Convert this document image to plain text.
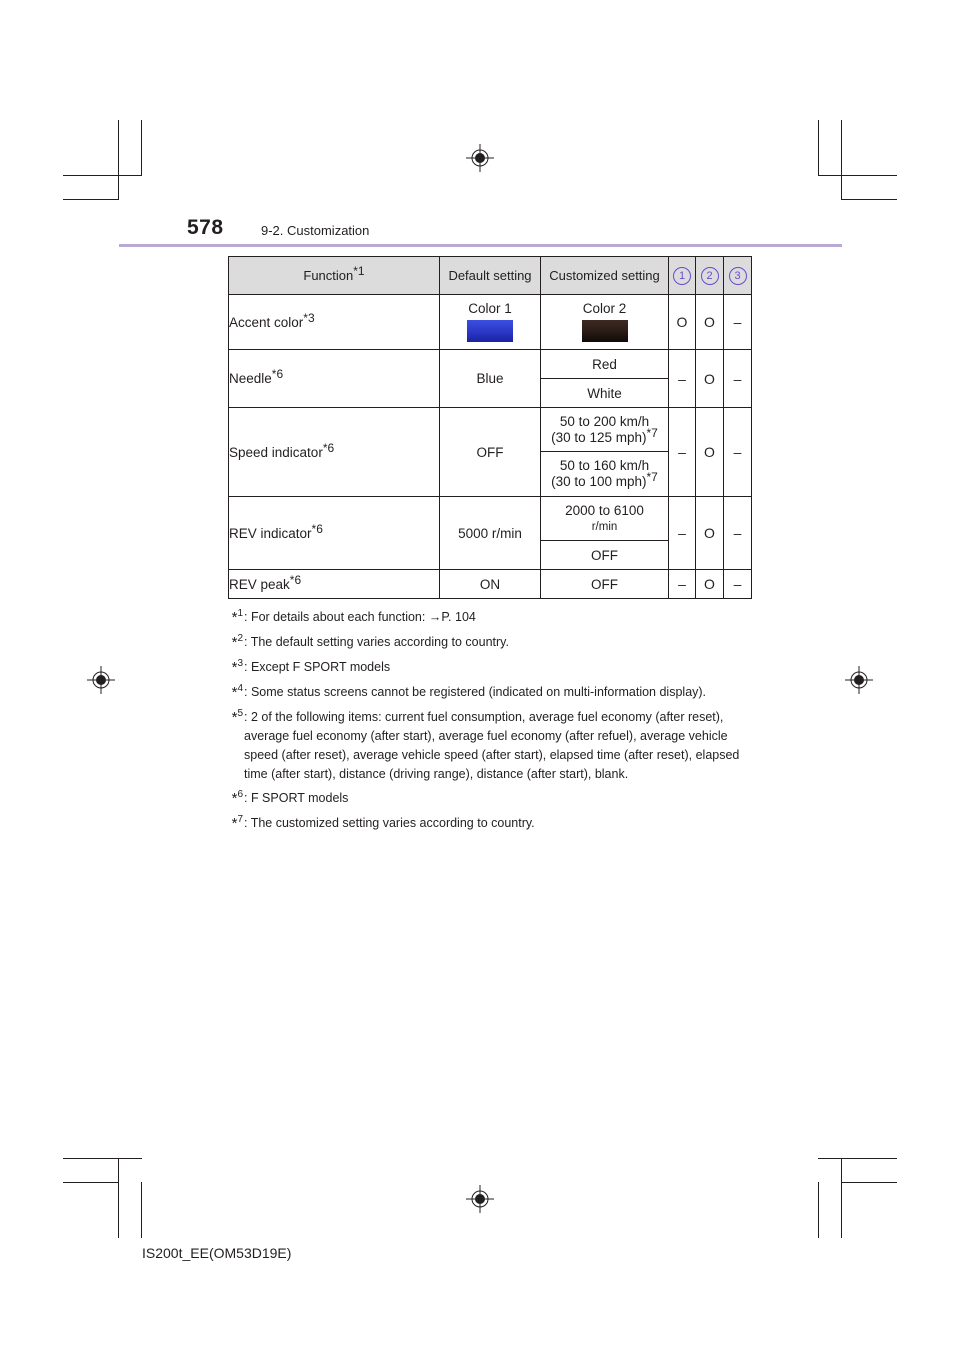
578	9-2. Customization
Function$^{*1}$	Default setting	Customized setting	1	2	3
Accent color$^{*3}$	Color 1	Color 2	O	O	–
Needle$^{*6}$	Blue	Red	–	O	–
		White			
Speed indicator$^{*6}$	OFF	50 to 200 km/h
(30 to 125 mph)$^{*7}$	–	O	–

		50 to 160 km/h
(30 to 100 mph)$^{*7}$

REV indicator$^{*6}$	5000 r/min	2000 to 6100
r/min	–	O	–
		OFF			
REV peak$^{*6}$	ON	OFF	–	O	–
*$^1$ : For details about each function: →P. 104
*$^2$ : The default setting varies according to country.
*$^3$ : Except F SPORT models
*$^4$ : Some status screens cannot be registered (indicated on multi-information display).
*$^5$ : 2 of the following items: current fuel consumption, average fuel economy (after reset), average fuel economy (after start), average fuel economy (after refuel), average vehicle speed (after reset), average vehicle speed (after start), elapsed time (after reset), elapsed time (after start), distance (driving range), distance (after start), blank.
*$^6$ : F SPORT models
*$^7$ : The customized setting varies according to country.
IS200t_EE(OM53D19E)
